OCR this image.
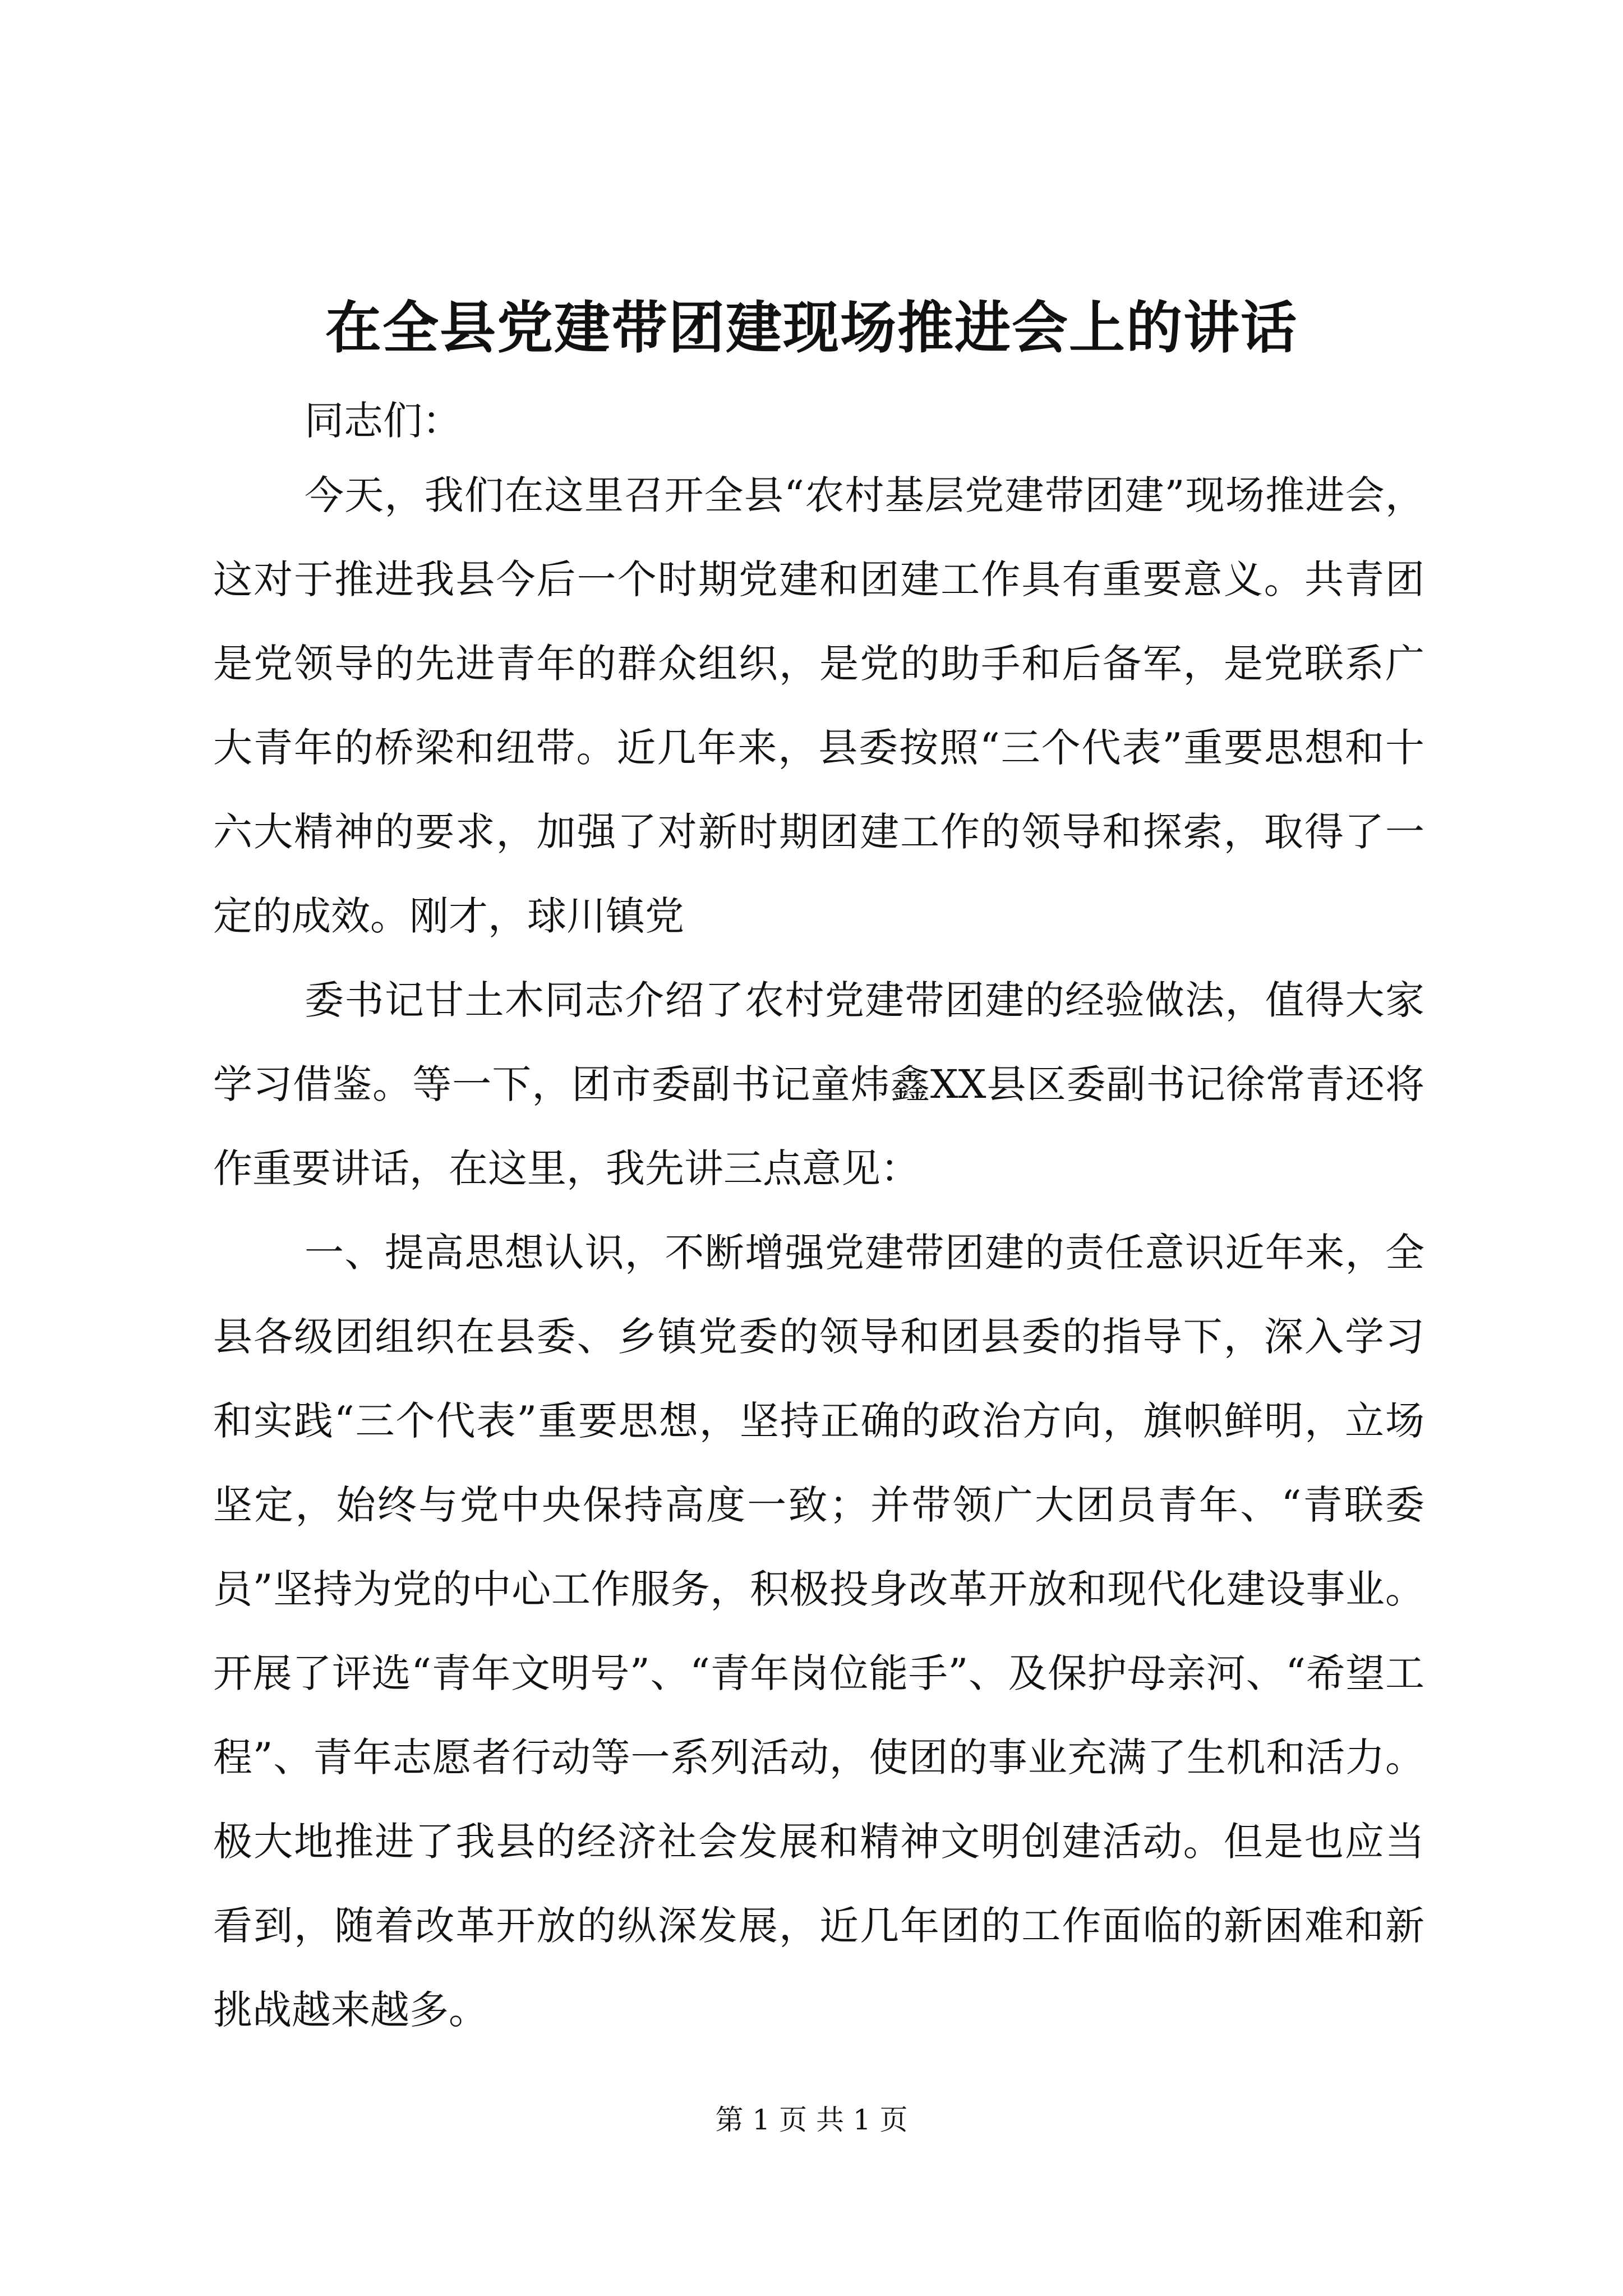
在全县党建带团建现场推进会上的讲话
同志们：

今天，我们在这里召开全县“农村基层党建带团建”现场推进会，这对于推进我县今后一个时期党建和团建工作具有重要意义。共青团是党领导的先进青年的群众组织，是党的助手和后备军，是党联系广大青年的桥梁和纽带。近几年来，县委按照“三个代表”重要思想和十六大精神的要求，加强了对新时期团建工作的领导和探索，取得了一定的成效。刚才，球川镇党

委书记甘土木同志介绍了农村党建带团建的经验做法，值得大家学习借鉴。等一下，团市委副书记童炜鑫XX县区委副书记徐常青还将作重要讲话，在这里，我先讲三点意见：

一、提高思想认识，不断增强党建带团建的责任意识近年来，全县各级团组织在县委、乡镇党委的领导和团县委的指导下，深入学习和实践“三个代表”重要思想，坚持正确的政治方向，旗帜鲜明，立场坚定，始终与党中央保持高度一致；并带领广大团员青年、“青联委员”坚持为党的中心工作服务，积极投身改革开放和现代化建设事业。开展了评选“青年文明号”、“青年岗位能手”、及保护母亲河、“希望工程”、青年志愿者行动等一系列活动，使团的事业充满了生机和活力。极大地推进了我县的经济社会发展和精神文明创建活动。但是也应当看到，随着改革开放的纵深发展，近几年团的工作面临的新困难和新挑战越来越多。

第 1 页 共 1 页
